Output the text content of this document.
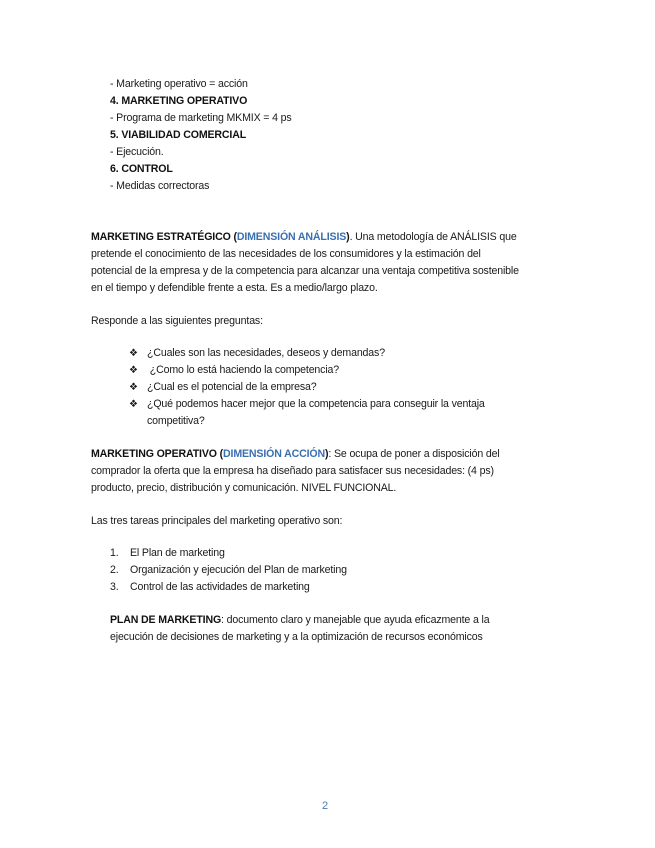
- Marketing operativo = acción
4. MARKETING OPERATIVO
- Programa de marketing MKMIX = 4 ps
5. VIABILIDAD COMERCIAL
- Ejecución.
6. CONTROL
- Medidas correctoras
MARKETING ESTRATÉGICO (DIMENSIÓN ANÁLISIS). Una metodología de ANÁLISIS que
pretende el conocimiento de las necesidades de los consumidores y la estimación del
potencial de la empresa y de la competencia para alcanzar una ventaja competitiva sostenible
en el tiempo y defendible frente a esta. Es a medio/largo plazo.
Responde a las siguientes preguntas:
❖ ¿Cuales son las necesidades, deseos y demandas?
❖ ¿Como lo está haciendo la competencia?
❖ ¿Cual es el potencial de la empresa?
❖ ¿Qué podemos hacer mejor que la competencia para conseguir la ventaja
competitiva?
MARKETING OPERATIVO (DIMENSIÓN ACCIÓN): Se ocupa de poner a disposición del
comprador la oferta que la empresa ha diseñado para satisfacer sus necesidades: (4 ps)
producto, precio, distribución y comunicación. NIVEL FUNCIONAL.
Las tres tareas principales del marketing operativo son:
1. El Plan de marketing
2. Organización y ejecución del Plan de marketing
3. Control de las actividades de marketing
PLAN DE MARKETING: documento claro y manejable que ayuda eficazmente a la
ejecución de decisiones de marketing y a la optimización de recursos económicos
2
